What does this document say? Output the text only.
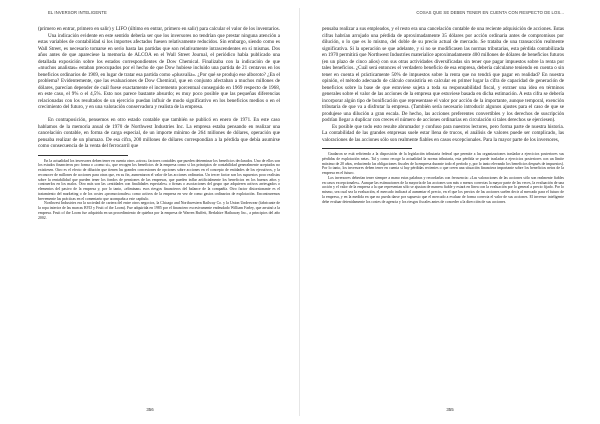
EL INVERSOR INTELIGENTE

(primero en entrar, primero en salir) y LIFO (último en entrar, primero en salir) para calcular el valor de los inventarios.

Una indicación evidente en este sentido debería ser que los inversores no tendrían que prestar ninguna atención a estas variables de contabilidad si los importes afectados fuesen relativamente reducidos. Sin embargo, siendo como es Wall Street, es necesario tomarse en serio hasta las partidas que son relativamente intrascendentes en sí mismas. Dos años antes de que apareciese la memoria de ALCOA en el Wall Street Journal, el periódico había publicado una detallada exposición sobre los estados correspondientes de Dow Chemical. Finalizaba con la indicación de que «muchos analistas» estaban preocupados por el hecho de que Dow hubiese incluido una partida de 21 centavos en los beneficios ordinarios de 1969, en lugar de tratar esa partida como «plusvalía». ¿Por qué se produjo ese alboroto? ¿En el problema? Evidentemente, que las evaluaciones de Dow Chemical, que en conjunto afectaban a muchos millones de dólares, parecían depender de cuál fuese exactamente el incremento porcentual conseguido en 1969 respecto de 1968, en este caso, el 9% o el 4,5%. Esto nos parece bastante absurdo; es muy poco posible que las pequeñas diferencias relacionadas con los resultados de un ejercicio puedan influir de modo significativo en los beneficios medios o en el crecimiento del futuro, y en una valoración conservadora y realista de la empresa.

En contraposición, pensemos en otro estado contable que también se publicó en enero de 1971. En este caso hablamos de la memoria anual de 1970 de Northwest Industries Inc. La empresa estaba pensando en realizar una cancelación contable, en forma de carga especial, de un importe mínimo de 264 millones de dólares, operación que pensaba realizar de un plumazo. De esa cifra, 200 millones de dólares correspondían a la pérdida que debía asumirse como consecuencia de la venta del ferrocarril que

En la actualidad los inversores deben tener en cuenta otros «otros» factores contables que pueden determinar los beneficios declarados. Uno de ellos son los estados financieros pro forma o «como si», que recogen los beneficios de la empresa como si los principios de contabilidad generalmente aceptados no existiesen. Otro es el efecto de dilución que tienen las grandes concesiones de opciones sobre acciones en el concepto de entidades de los ejecutivos, y la reconocer de millones de acciones para otras que, en su fin, aumentaron el valor de las acciones ordinarias. Un tercer factor son los supuestos poco realistas sobre la rentabilidad que pueden tener los fondos de pensiones de las empresas, que pueden inflar artificialmente los beneficios en los buenos años y contraerlos en los malos. Otro más son las «entidades con finalidades especiales» o firmas o asociaciones del grupo que adquieren activos arriesgados o elementos del pasivo de la empresa y, por lo tanto, «eliminan» esos riesgos financieros del balance de la compañía. Otro factor distorsionante es el tratamiento del marketing o de los costes «promocionales» como activos de la empresa en vez de como gastos ordinarios de explotación. Encontraremos brevemente las prácticas en el comentario que acompaña a este capítulo.

Northwest Industries era la sociedad de cartera del entre otros negocios, la Chicago and Northwestern Railway Co. y la Union Underwear (fabricante de la ropa interior de las marcas BVD y Fruit of the Loom). Fue adquirida en 1985 por el financiero excesivamente endeudado William Farley, que arruinó a la empresa. Fruit of the Loom fue adquirida en un procedimiento de quiebra por la empresa de Warren Buffett, Berkshire Hathaway Inc., a principios del año 2002.

356
COSAS QUE SE DEBEN TENER EN CUENTA CON RESPECTO DE LOS...

pensaba realizar a sus empleados, y el resto era una cancelación contable de una reciente adquisición de acciones. Estas cifras habrían arrojado una pérdida de aproximadamente 35 dólares por acción ordinaria antes de compromisos por dilución, o lo que es lo mismo, del doble de su precio actual de mercado. Se trataba de una transacción realmente significativa. Si la operación se que adelante, y si no se modificasen las normas tributarias, esta pérdida contabilizada en 1970 permitirá que Northwest Industries materialice aproximadamente 400 millones de dólares de beneficios futuros (en un plazo de cinco años) con sus otras actividades diversificadas sin tener que pagar impuestos sobre la renta por tales beneficios. ¿Cuál será entonces el verdadero beneficio de esa empresa, debería calcularse teniendo en cuenta o sin tener en cuenta el prácticamente 50% de impuestos sobre la renta que no tendrá que pagar en realidad? En nuestra opinión, el método adecuado de cálculo consistiría en calcular en primer lugar la cifra de capacidad de generación de beneficios sobre la base de que estuviese sujeta a toda su responsabilidad fiscal, y extraer una idea en términos generales sobre el valor de las acciones de la empresa que estuviese basada en dicha estimación. A esta cifra se debería incorporar algún tipo de bonificación que representase el valor por acción de la importante, aunque temporal, exención tributaria de que va a disfrutar la empresa. (También sería necesario introducir algunos ajustes para el caso de que se produjese una dilución a gran escala. De hecho, las acciones preferentes convertibles y los derechos de suscripción podrían llegar a duplicar con creces el número de acciones ordinarias en circulación si tales derechos se ejerciesen).

Es posible que todo esto resulte abrumador y confuso para nuestros lectores, pero forma parte de nuestra historia. La contabilidad de las grandes empresas suele estar llena de trucos, el análisis de valores puede ser complicado, las valoraciones de las acciones sólo son realmente fiables en casos excepcionales. Para la mayor parte de los inversores,

Gradaron se está refiriendo a la disposición de la legislación tributaria federal que permite a las organizaciones trasladar a ejercicios posteriores sus pérdidas de explotación netas. Tal y como recoge la actualidad la norma tributaria, esta pérdida se puede trasladar a ejercicios posteriores con un límite máximo de 20 años, reduciendo las obligaciones fiscales de la empresa durante todo el período y, por lo tanto elevando los beneficios después de impuestos). Por lo tanto, los inversores deben tener en cuenta si hay pérdidas recientes o que creen una situación financiera importante sobre los beneficios netos de la empresa en el futuro.

Los inversores deberían tener siempre a mano estas palabras y recordarlas con frecuencia: «Las valoraciones de las acciones sólo son realmente fiables en casos excepcionales». Aunque las estimaciones de la mayoría de las acciones son más o menos correctas la mayor parte de las veces, la evaluación de una acción y el valor de la empresa a la que representan sólo se ajustan de manera fiable y estará en línea con la evaluación por lo general a precio fijado. Por lo mismo, sea cual sea la evaluación, el mercado indicará al aumentar el precio, en el que los precios de las acciones suelen decir al mercado para el futuro de la empresa, y en la medida en que no pueda darse por supuesto que el mercado a evaluar de forma correcta el valor de sus acciones. El inversor inteligente debe evaluar detenidamente los costes de agencia y los riesgos fiscales antes de conceder a la dirección de sus acciones.

355
